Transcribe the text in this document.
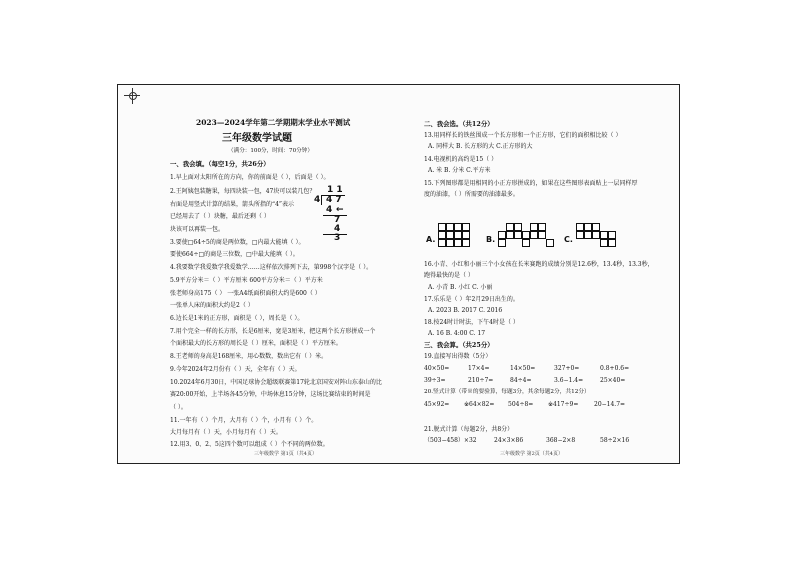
2023—2024学年第二学期期末学业水平测试
三年级数学试题
（满分：100分，时间：70分钟）
一、我会填。（每空1分，共26分）
1.早上面对太阳所在的方向，你的前面是（ ），后面是（ ）。
2.王阿姨包装糖果，每四块装一包，47块可以装几包？
右面是用竖式计算的结果，箭头所指的“4”表示
已经用去了（ ）块糖，最后还剩（ ）
块该可以再装一包。
3.要使□64÷5的商是两位数，□内最大能填（ ）。
要使664÷□的商是三位数，□中最大能填（ ）。
4.我要数学我爱数学我爱数学……这样依次排列下去，第998个汉字是（ ）。
5.9平方分米＝（ ）平方厘米 600平方分米＝（ ）平方米
张老师身高175（ ） 一张A4纸面积面积大约是600（ ）
一张单人床的面积大约是2（ ）
6.边长是1米的正方形，面积是（ ），周长是（ ）。
7.用个完全一样的长方形，长是6厘米，宽是3厘米，把这两个长方形拼成一个
个面积最大的长方形的周长是（ ）厘米，面积是（ ）平方厘米。
8.王老师的身高是168厘米，用心数数，数出它有（ ）米。
9.今年2024年2月份有（ ）天，全年有（ ）天。
10.2024年6月30日，中国足球协会超级联赛第17轮北京国安对阵山东泰山的比
赛20:00开始，上半场各45分钟，中场休息15分钟，这场比赛结束的时间是
（ ）。
11.一年有（ ）个月，大月有（ ）个，小月有（ ）个。
大月每月有（ ）天，小月每月有（ ）天。
12.用3、0、2、5这四个数可以组成（ ）个不同的两位数。
1 1
4 4 7
4 ←
7
4
3
三年级数学 第1页（共4页）
二、我会选。（共12分）
13.用同样长的铁丝围成一个长方形和一个正方形，它们的面积相比较（ ）
A. 同样大 B. 长方形的大 C.正方形的大
14.电视机的高约是15（ ）
A. 米 B. 分米 C.平方米
15.下列图形都是用相同的小正方形拼成的，如果在这些图形表面贴上一层同样厚
度的油漆，（ ）所需要的油漆最多。
A.	B.	C.
16.小青、小红和小丽三个小女孩在长米赛跑的成绩分别是12.6秒，13.4秒，13.3秒，
跑得最快的是（ ）
A. 小青 B. 小红 C. 小丽
17.乐乐是（ ）年2月29日出生的。
A. 2023 B. 2017 C. 2016
18.按24时计时法，下午4时是（ ）
A. 16 B. 4:00 C. 17
三、我会算。（共25分）
19.直接写出得数（5分）
40×50=	17×4=	14×50=	327+0=	0.8+0.6=
39÷3=	210÷7=	84÷4=	3.6−1.4=	25×40=
20.竖式计算（带※的要验算，每题3分，其余每题2分，共12分）
45×92= ※64×82= 504÷8= ※417÷9=	20−14.7=
21.脱式计算（每题2分，共8分）
（503−458）×32	24×3×86	368−2×8	58÷2×16
三年级数学 第2页（共4页）
